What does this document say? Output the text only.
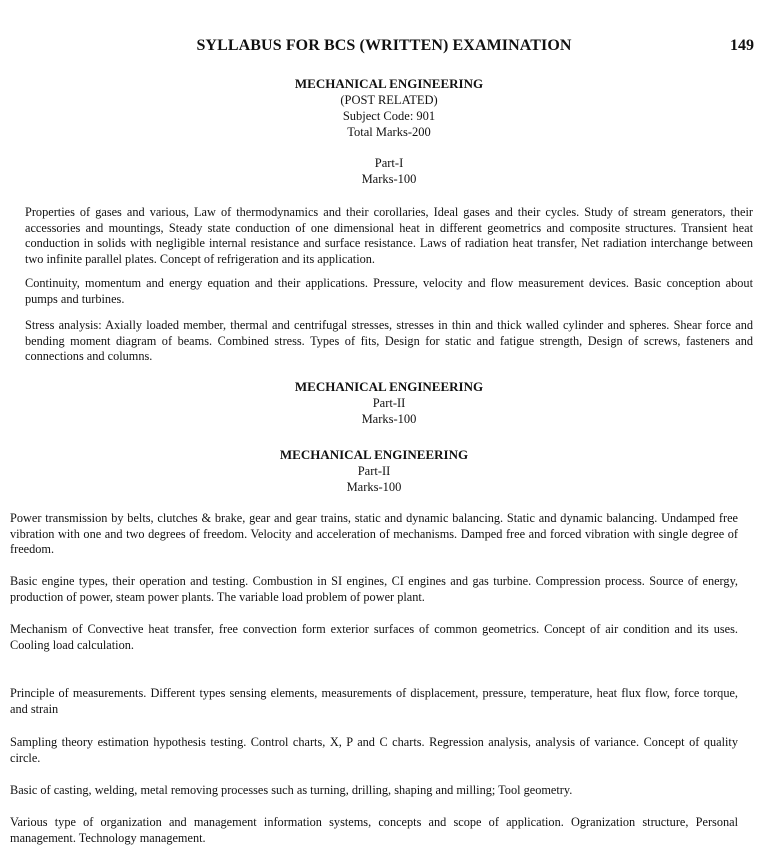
SYLLABUS FOR BCS (WRITTEN) EXAMINATION	149
MECHANICAL ENGINEERING
(POST RELATED)
Subject Code: 901
Total Marks-200
Part-I
Marks-100

Properties of gases and various, Law of thermodynamics and their corollaries, Ideal gases and their cycles. Study of stream generators, their accessories and mountings, Steady state conduction of one dimensional heat in different geometrics and composite structures. Transient heat conduction in solids with negligible internal resistance and surface resistance. Laws of radiation heat transfer, Net radiation interchange between two infinite parallel plates. Concept of refrigeration and its application.

Continuity, momentum and energy equation and their applications. Pressure, velocity and flow measurement devices. Basic conception about pumps and turbines.

Stress analysis: Axially loaded member, thermal and centrifugal stresses, stresses in thin and thick walled cylinder and spheres. Shear force and bending moment diagram of beams. Combined stress. Types of fits, Design for static and fatigue strength, Design of screws, fasteners and connections and columns.

MECHANICAL ENGINEERING
Part-II
Marks-100
MECHANICAL ENGINEERING
Part-II
Marks-100

Power transmission by belts, clutches & brake, gear and gear trains, static and dynamic balancing. Static and dynamic balancing. Undamped free vibration with one and two degrees of freedom. Velocity and acceleration of mechanisms. Damped free and forced vibration with single degree of freedom.

Basic engine types, their operation and testing. Combustion in SI engines, CI engines and gas turbine. Compression process. Source of energy, production of power, steam power plants. The variable load problem of power plant.

Mechanism of Convective heat transfer, free convection form exterior surfaces of common geometrics. Concept of air condition and its uses. Cooling load calculation.

Principle of measurements. Different types sensing elements, measurements of displacement, pressure, temperature, heat flux flow, force torque, and strain

Sampling theory estimation hypothesis testing. Control charts, X, P and C charts. Regression analysis, analysis of variance. Concept of quality circle.

Basic of casting, welding, metal removing processes such as turning, drilling, shaping and milling; Tool geometry.

Various type of organization and management information systems, concepts and scope of application. Ogranization structure, Personal management. Technology management.
